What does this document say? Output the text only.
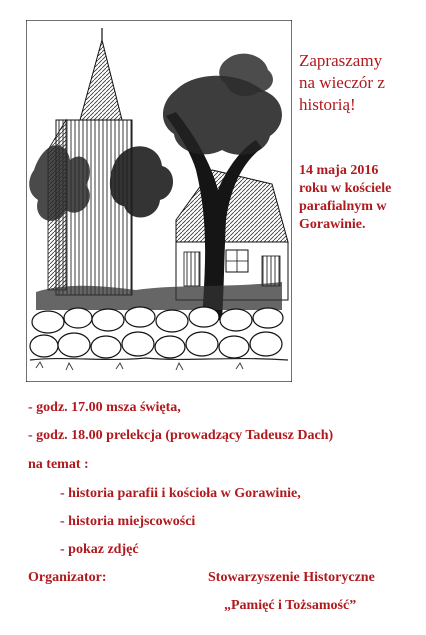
Zapraszamy
na wieczór z
historią!
14 maja 2016
roku w kościele
parafialnym w
Gorawinie.
- godz. 17.00 msza święta,
- godz. 18.00 prelekcja (prowadzący Tadeusz Dach)
na temat :
- historia parafii i kościoła w Gorawinie,
- historia miejscowości
- pokaz zdjęć
Organizator:	Stowarzyszenie Historyczne
„Pamięć i Tożsamość”
